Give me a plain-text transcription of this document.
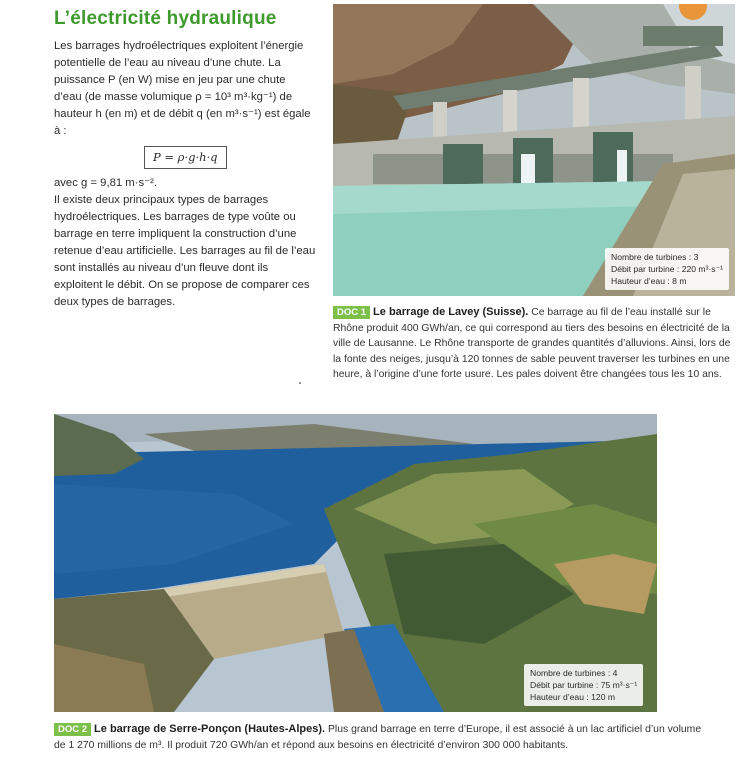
L’électricité hydraulique

Les barrages hydroélectriques exploitent l’énergie potentielle de l’eau au niveau d’une chute. La puissance P (en W) mise en jeu par une chute d’eau (de masse volumique ρ = 10³ m³·kg⁻¹) de hauteur h (en m) et de débit q (en m³·s⁻¹) est égale à :

P = ρ·g·h·q

avec g = 9,81 m·s⁻².

Il existe deux principaux types de barrages hydroélectriques. Les barrages de type voûte ou barrage en terre impliquent la construction d’une retenue d’eau artificielle. Les barrages au fil de l’eau sont installés au niveau d’un fleuve dont ils exploitent le débit. On se propose de comparer ces deux types de barrages.

Nombre de turbines : 3
Débit par turbine : 220 m³·s⁻¹
Hauteur d’eau : 8 m
DOC 1 Le barrage de Lavey (Suisse). Ce barrage au fil de l’eau installé sur le Rhône produit 400 GWh/an, ce qui correspond au tiers des besoins en électricité de la ville de Lausanne. Le Rhône transporte de grandes quantités d’alluvions. Ainsi, lors de la fonte des neiges, jusqu’à 120 tonnes de sable peuvent traverser les turbines en une heure, à l’origine d’une forte usure. Les pales doivent être changées tous les 10 ans.
Nombre de turbines : 4
Débit par turbine : 75 m³·s⁻¹
Hauteur d’eau : 120 m
DOC 2 Le barrage de Serre-Ponçon (Hautes-Alpes). Plus grand barrage en terre d’Europe, il est associé à un lac artificiel d’un volume de 1 270 millions de m³. Il produit 720 GWh/an et répond aux besoins en électricité d’environ 300 000 habitants.
